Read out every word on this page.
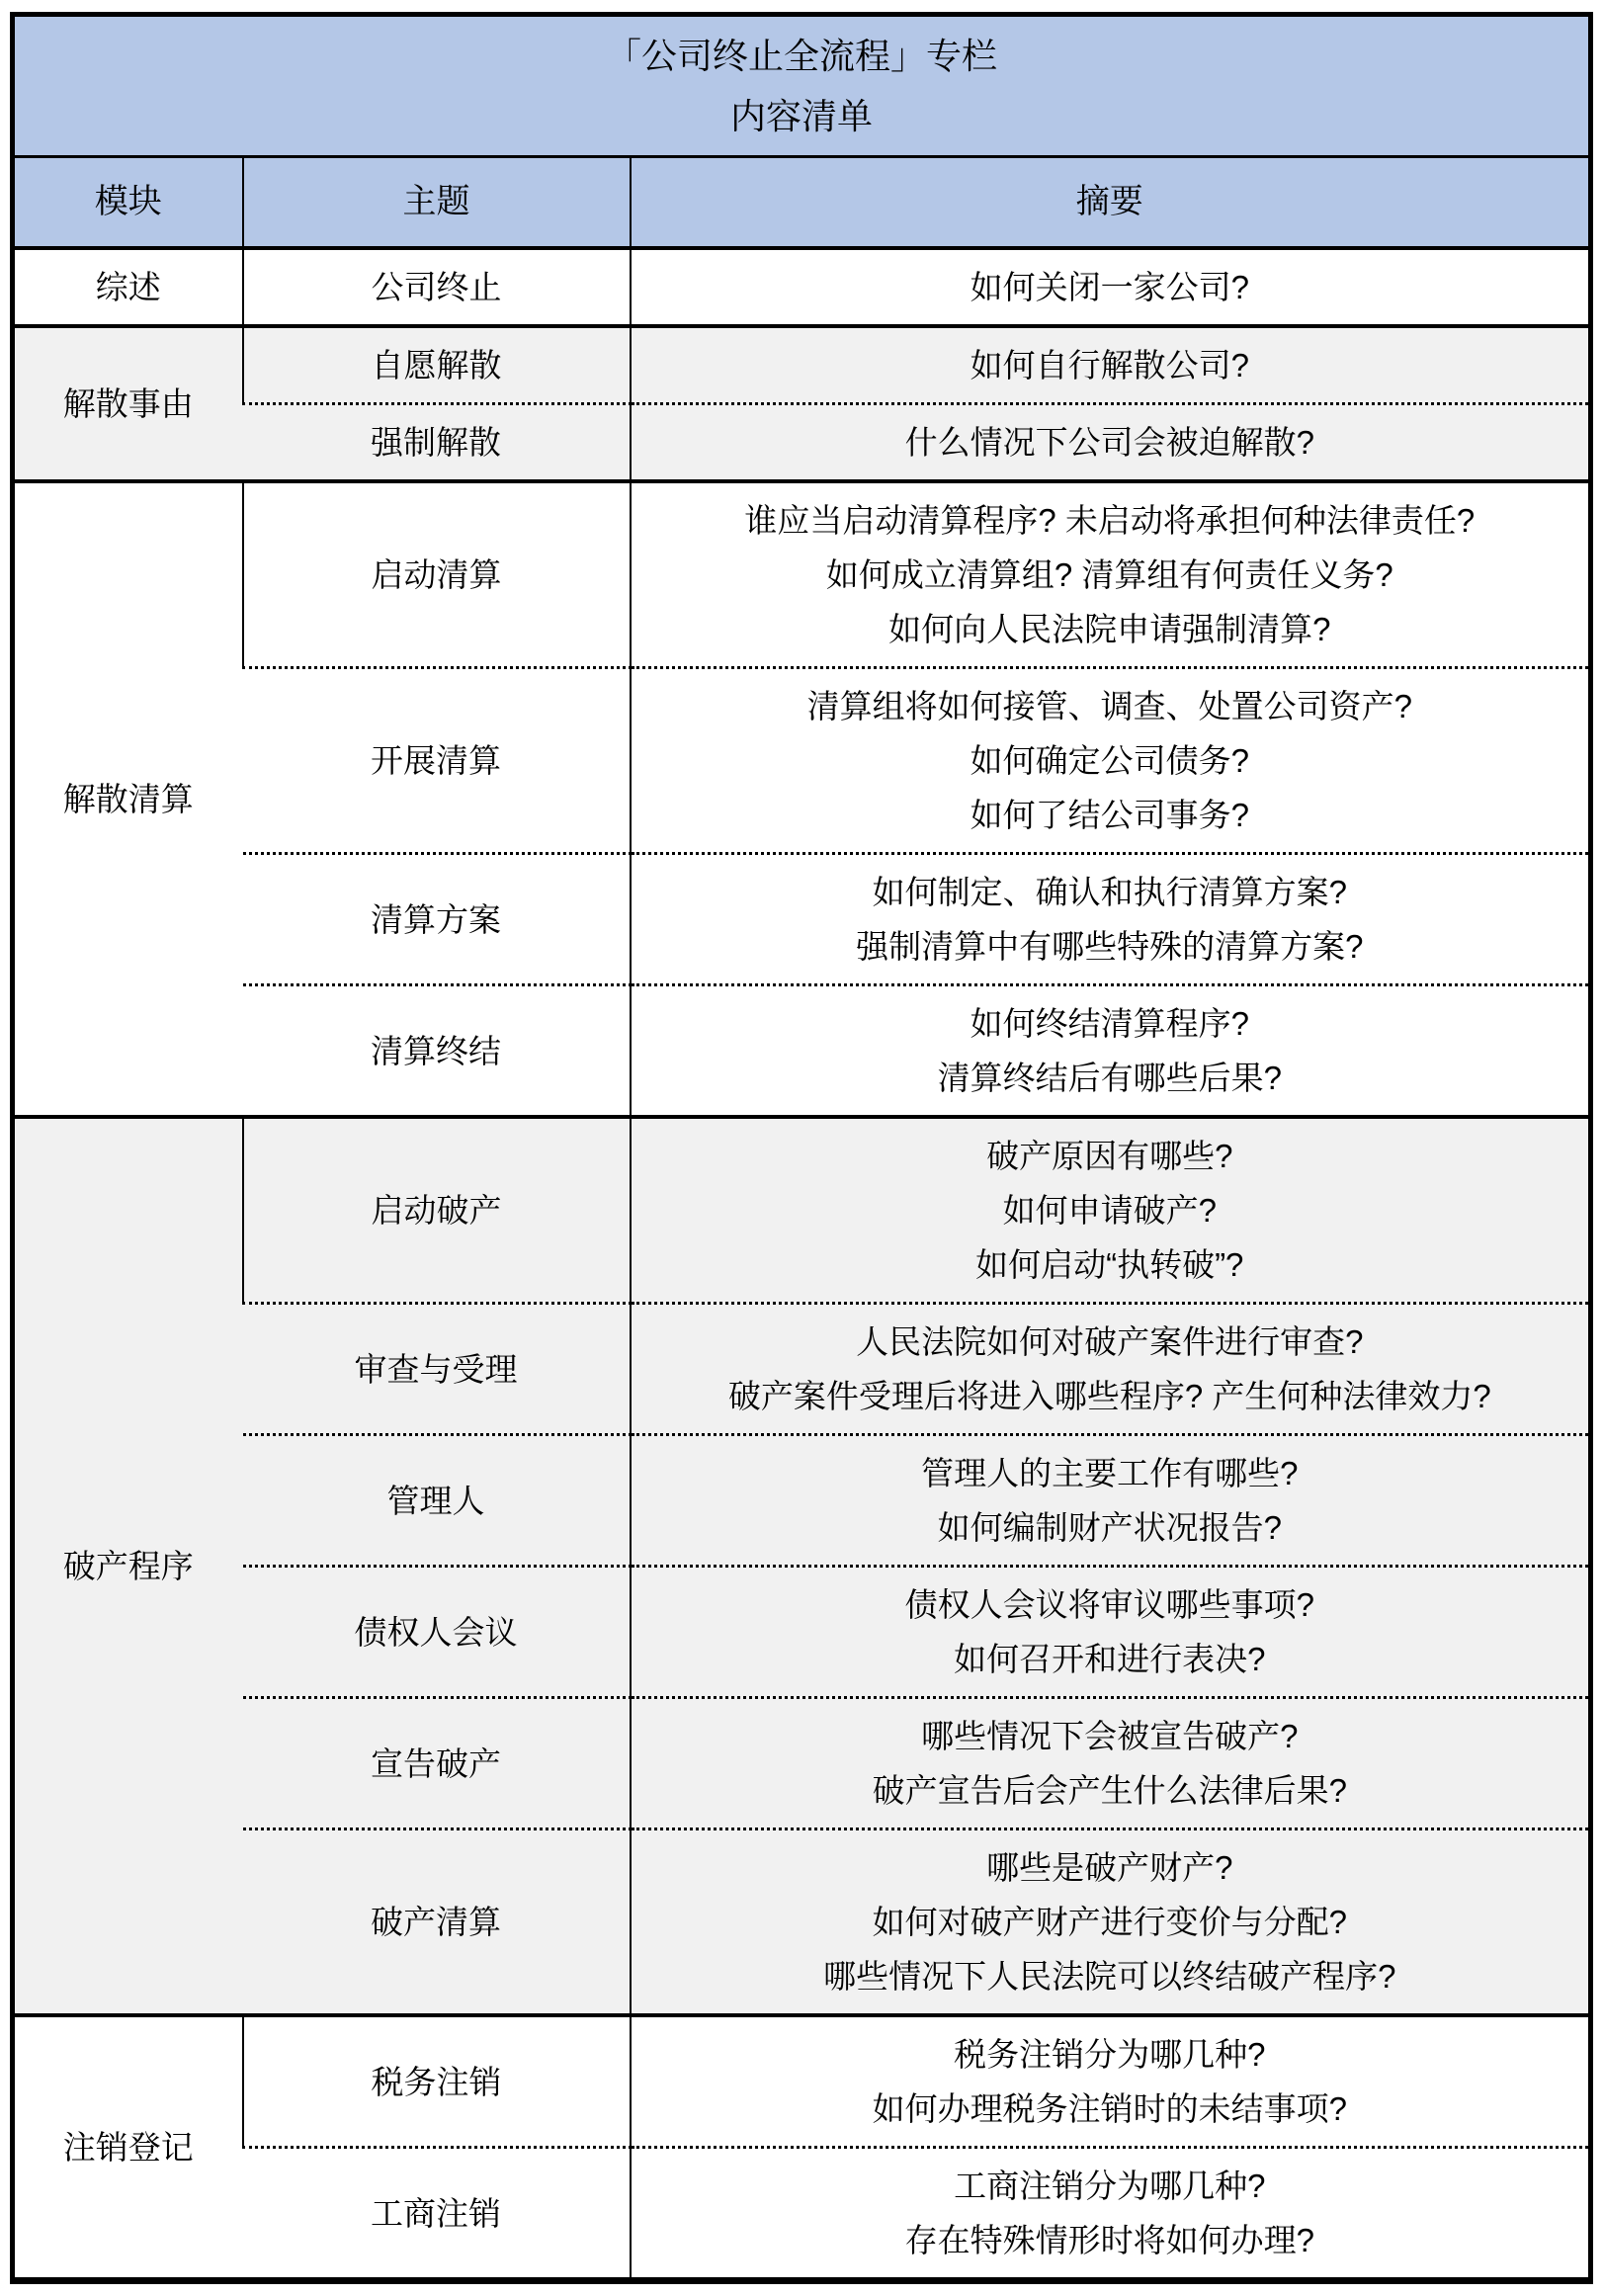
「公司终止全流程」专栏
内容清单		

模块	主题	摘要
综述	公司终止	如何关闭一家公司?

解散事由	自愿解散	如何自行解散公司?

	强制解散	什么情况下公司会被迫解散?

解散清算	启动清算	谁应当启动清算程序? 未启动将承担何种法律责任?
如何成立清算组? 清算组有何责任义务?
如何向人民法院申请强制清算?

	开展清算	清算组将如何接管、调查、处置公司资产?
如何确定公司债务?
如何了结公司事务?

	清算方案	如何制定、确认和执行清算方案?
强制清算中有哪些特殊的清算方案?

	清算终结	如何终结清算程序?
清算终结后有哪些后果?

破产程序	启动破产	破产原因有哪些?
如何申请破产?
如何启动“执转破”?

	审查与受理	人民法院如何对破产案件进行审查?
破产案件受理后将进入哪些程序? 产生何种法律效力?

	管理人	管理人的主要工作有哪些?
如何编制财产状况报告?

	债权人会议	债权人会议将审议哪些事项?
如何召开和进行表决?

	宣告破产	哪些情况下会被宣告破产?
破产宣告后会产生什么法律后果?

	破产清算	哪些是破产财产?
如何对破产财产进行变价与分配?
哪些情况下人民法院可以终结破产程序?

注销登记	税务注销	税务注销分为哪几种?
如何办理税务注销时的未结事项?

	工商注销	工商注销分为哪几种?
存在特殊情形时将如何办理?
